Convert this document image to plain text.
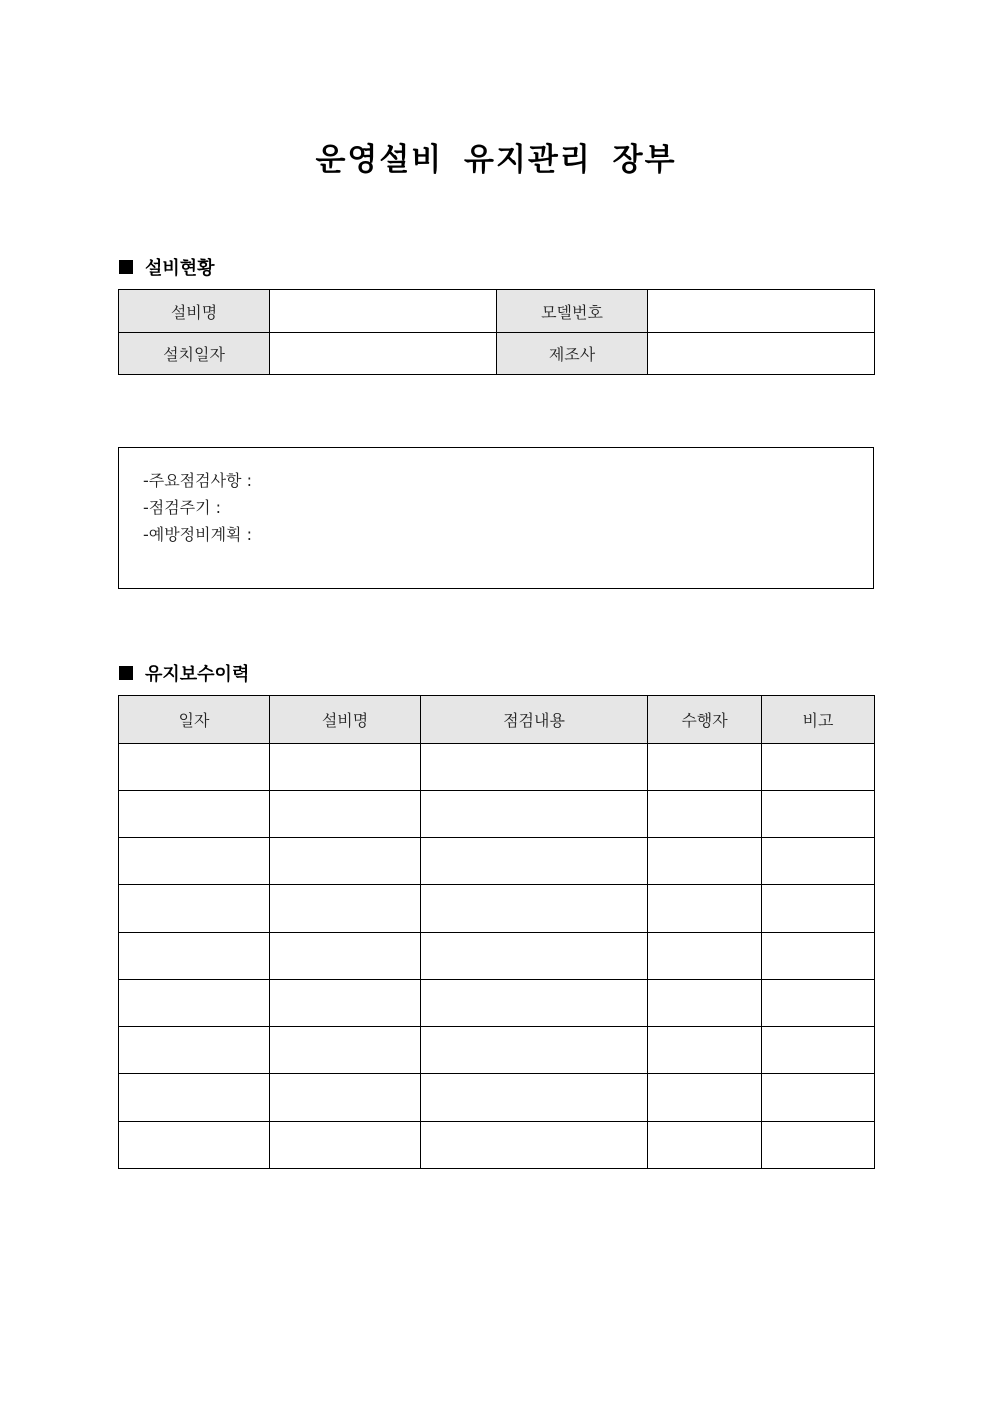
운영설비 유지관리 장부
설비현황
설비명		모델번호	
설치일자		제조사	
-주요점검사항 :
-점검주기 :
-예방정비계획 :
유지보수이력
일자	설비명	점검내용	수행자	비고
